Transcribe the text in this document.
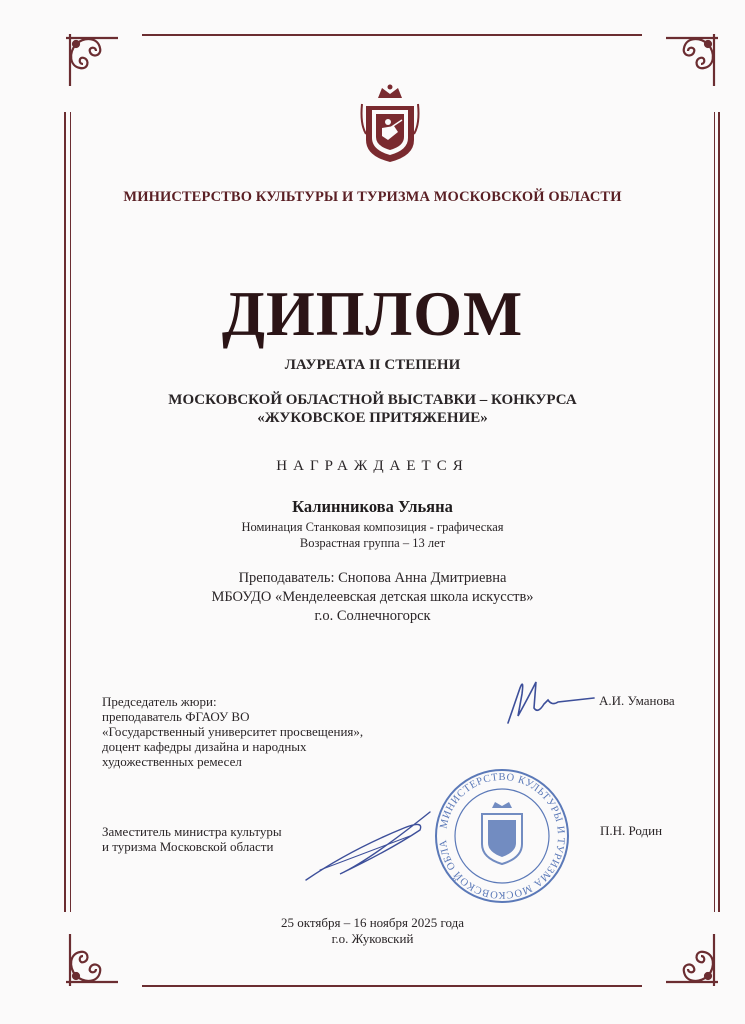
МИНИСТЕРСТВО КУЛЬТУРЫ И ТУРИЗМА МОСКОВСКОЙ ОБЛАСТИ
ДИПЛОМ
ЛАУРЕАТА II СТЕПЕНИ
МОСКОВСКОЙ ОБЛАСТНОЙ ВЫСТАВКИ – КОНКУРСА
«ЖУКОВСКОЕ ПРИТЯЖЕНИЕ»
НАГРАЖДАЕТСЯ
Калинникова Ульяна
Номинация Станковая композиция - графическая
Возрастная группа – 13 лет
Преподаватель: Снопова Анна Дмитриевна
МБОУДО «Менделеевская детская школа искусств»
г.о. Солнечногорск
Председатель жюри:
преподаватель ФГАОУ ВО
«Государственный университет просвещения»,
доцент кафедры дизайна и народных
художественных ремесел
А.И. Уманова
Заместитель министра культуры
и туризма Московской области
П.Н. Родин
МИНИСТЕРСТВО КУЛЬТУРЫ И ТУРИЗМА МОСКОВСКОЙ ОБЛА
25 октября – 16 ноября 2025 года
г.о. Жуковский
